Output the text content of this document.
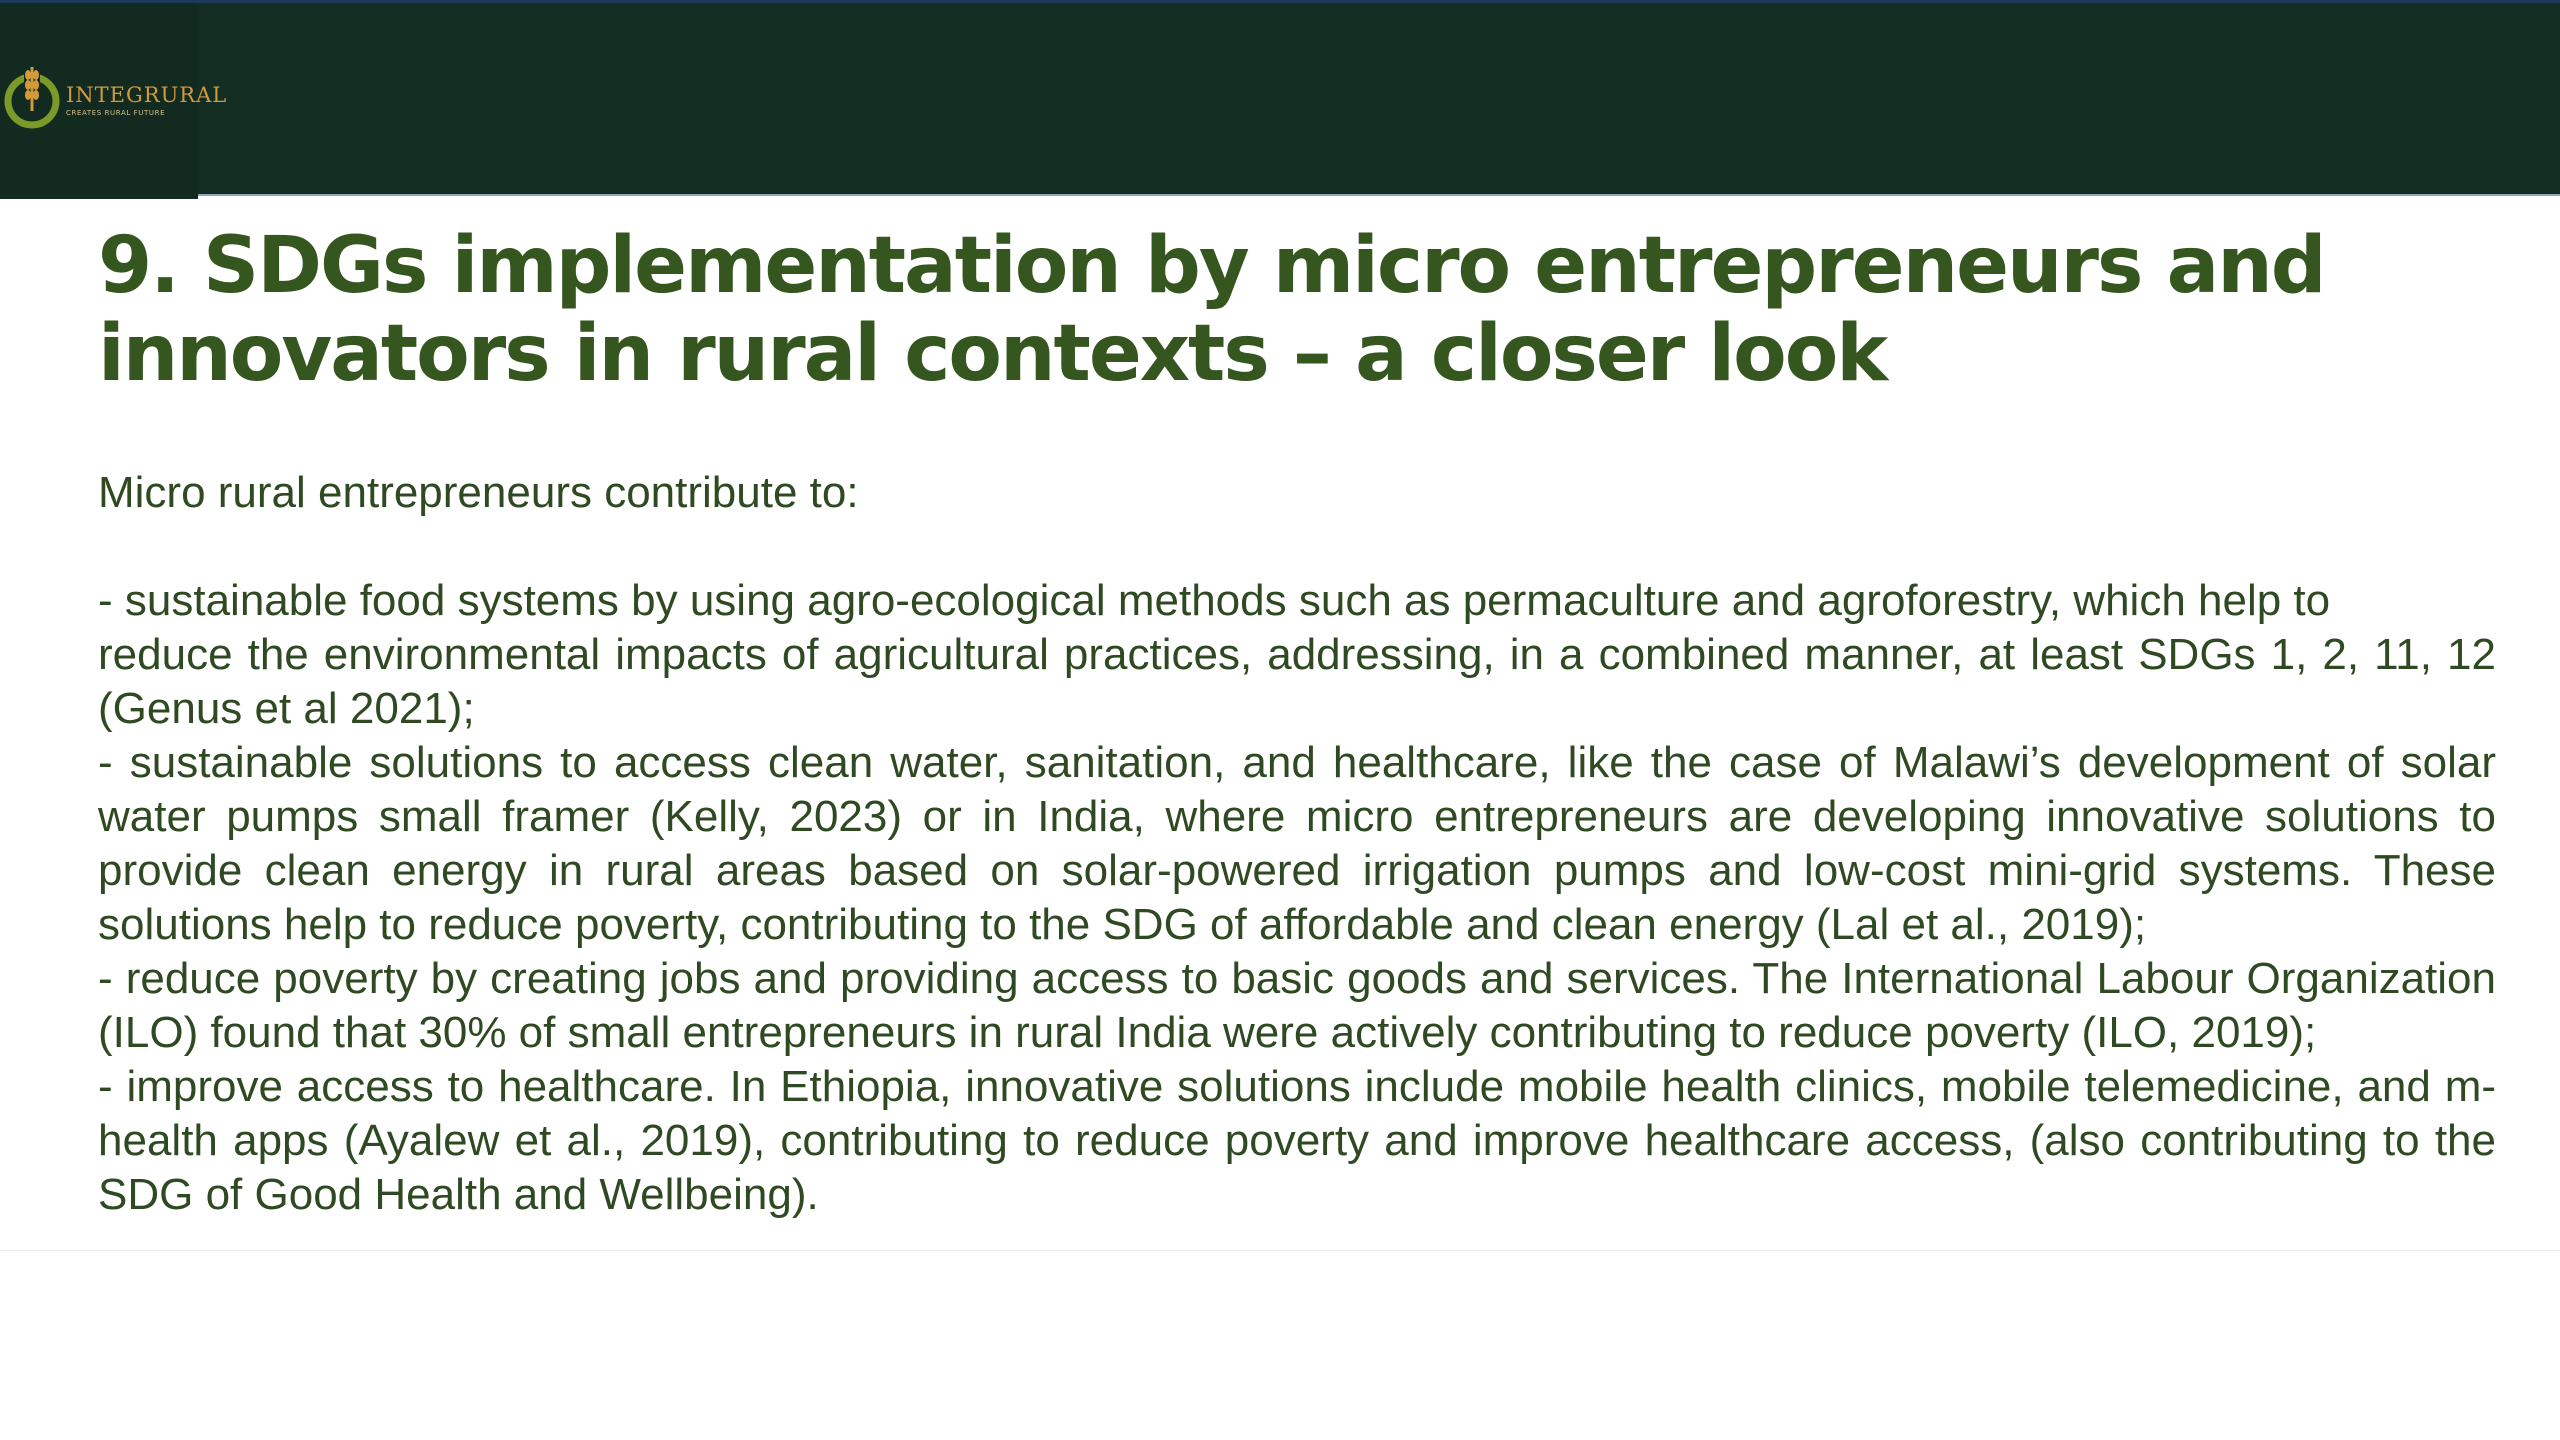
INTEGRURAL
CREATES RURAL FUTURE
9. SDGs implementation by micro entrepreneurs and innovators in rural contexts – a closer look

Micro rural entrepreneurs contribute to:

- sustainable food systems by using agro-ecological methods such as permaculture and agroforestry, which help to

reduce the environmental impacts of agricultural practices, addressing, in a combined manner, at least SDGs 1, 2, 11, 12 (Genus et al 2021);

- sustainable solutions to access clean water, sanitation, and healthcare, like the case of Malawi’s development of solar water pumps small framer (Kelly, 2023) or in India, where micro entrepreneurs are developing innovative solutions to provide clean energy in rural areas based on solar-powered irrigation pumps and low-cost mini-grid systems. These solutions help to reduce poverty, contributing to the SDG of affordable and clean energy (Lal et al., 2019);

- reduce poverty by creating jobs and providing access to basic goods and services. The International Labour Organization (ILO) found that 30% of small entrepreneurs in rural India were actively contributing to reduce poverty (ILO, 2019);

- improve access to healthcare. In Ethiopia, innovative solutions include mobile health clinics, mobile telemedicine, and m-health apps (Ayalew et al., 2019), contributing to reduce poverty and improve healthcare access, (also contributing to the SDG of Good Health and Wellbeing).
